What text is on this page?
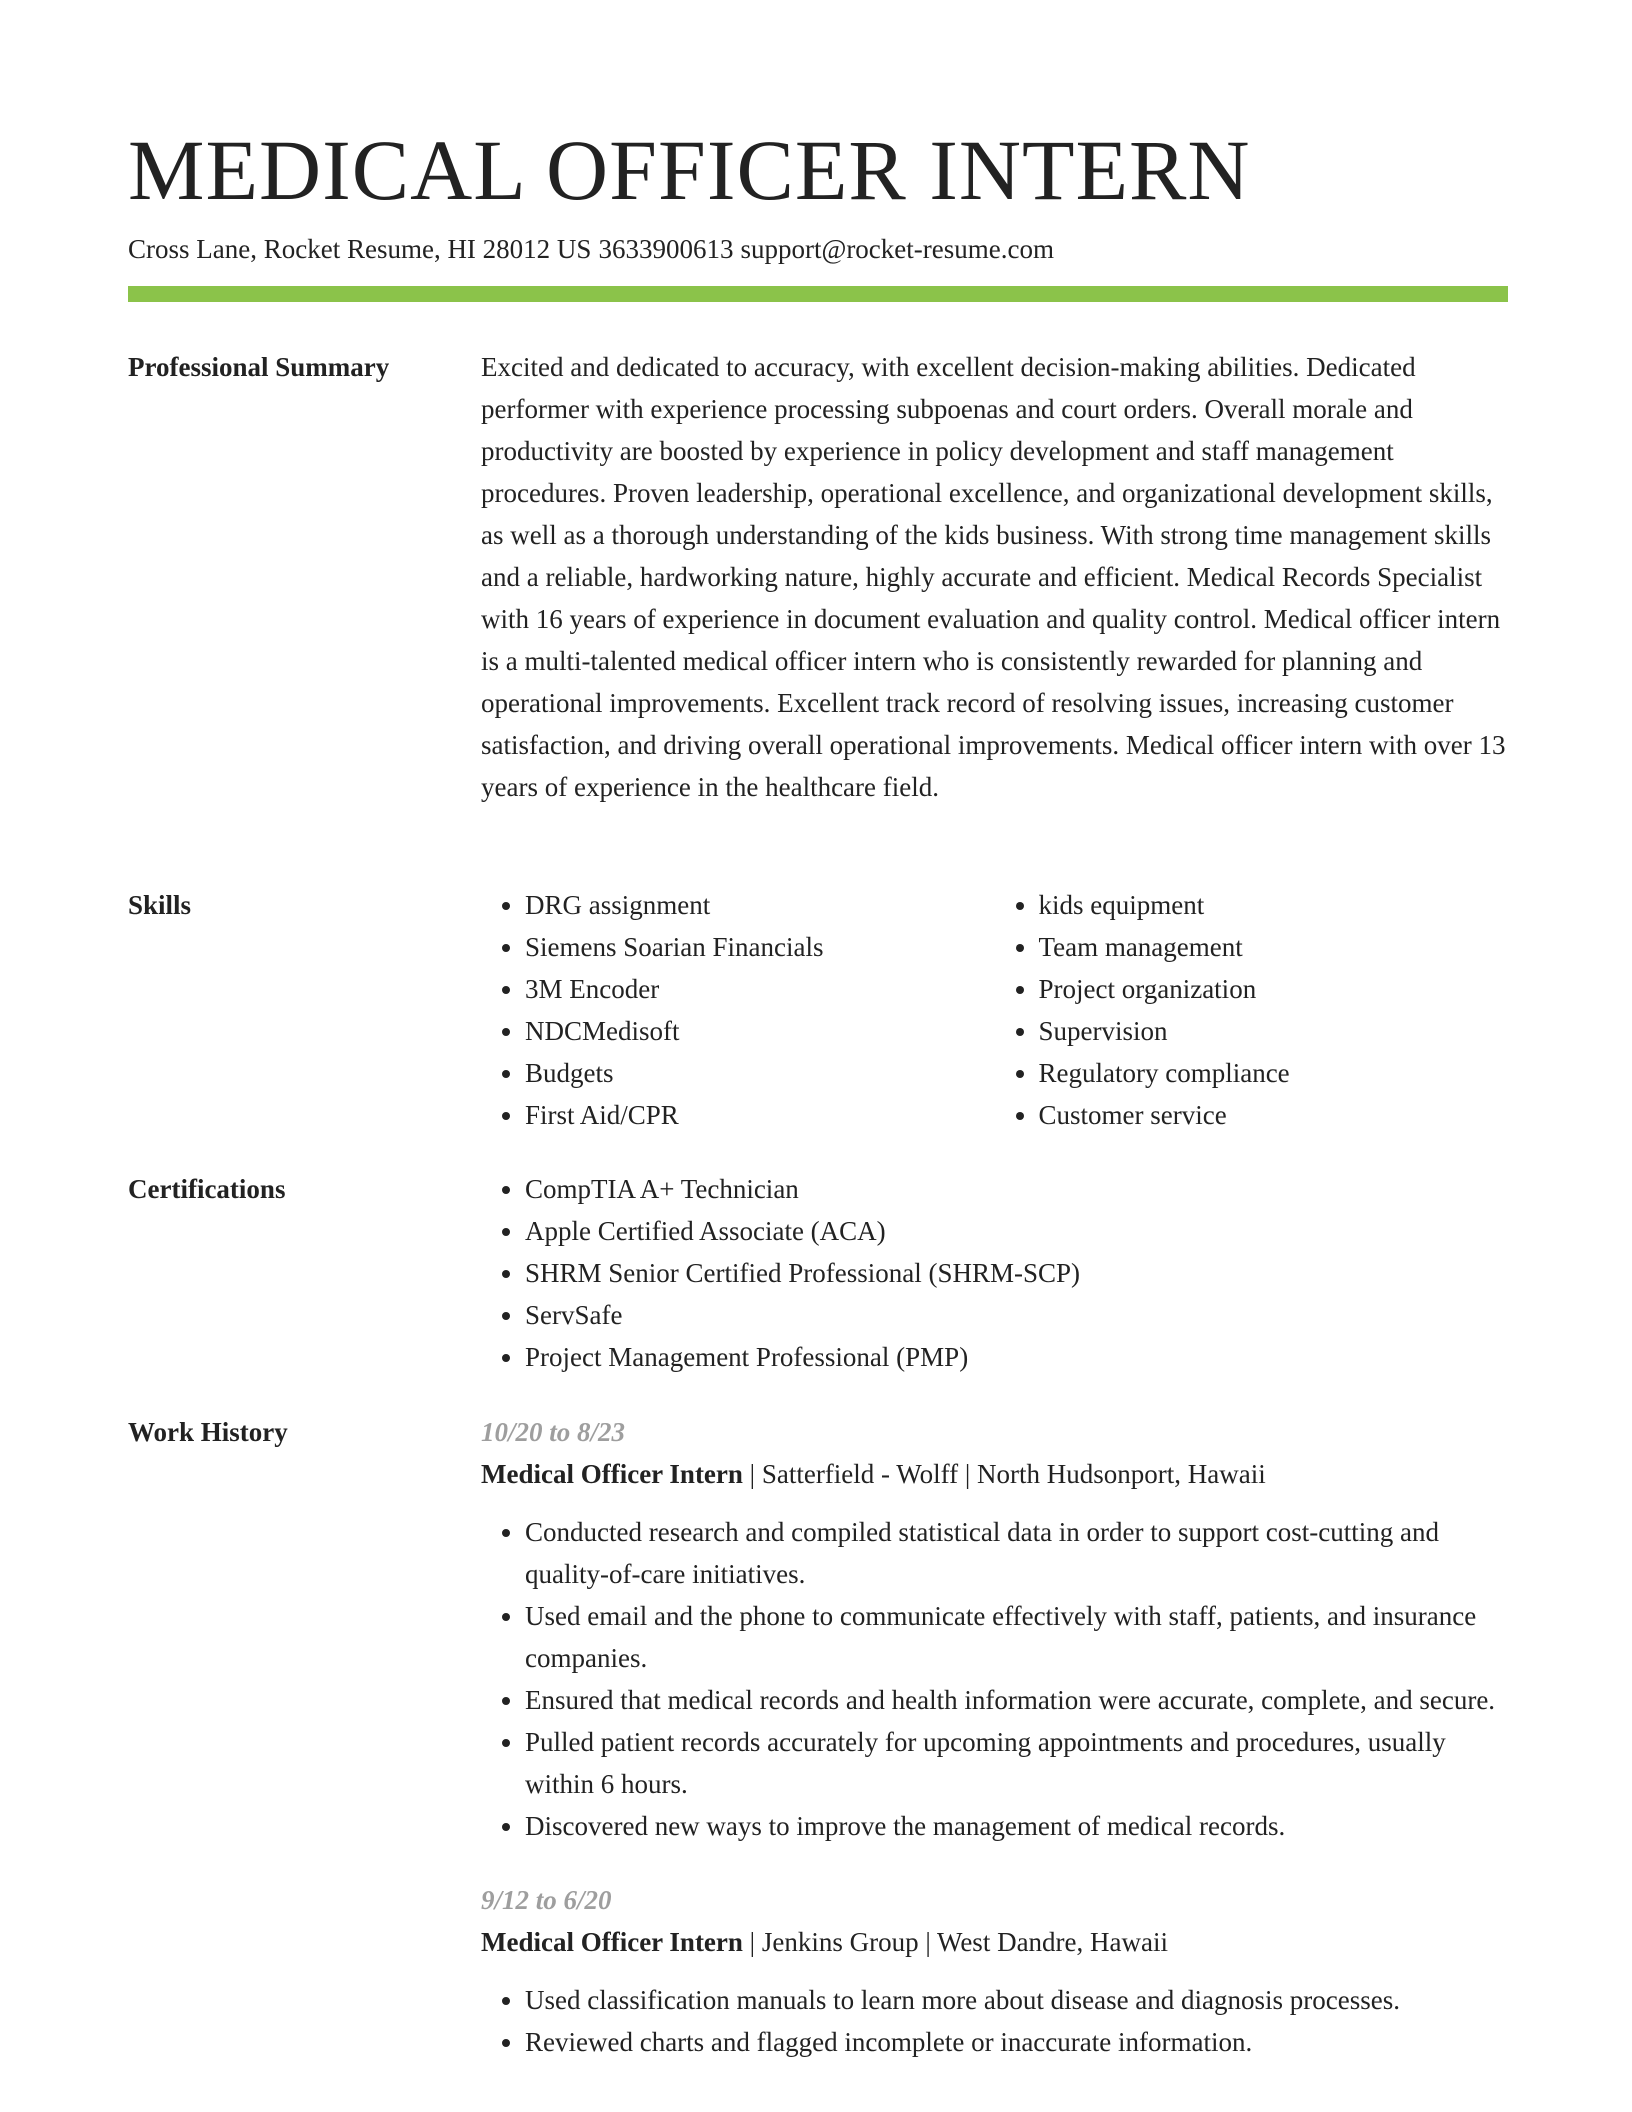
MEDICAL OFFICER INTERN
Cross Lane, Rocket Resume, HI 28012 US 3633900613 support@rocket-resume.com
Professional Summary	Excited and dedicated to accuracy, with excellent decision-making abilities. Dedicated performer with experience processing subpoenas and court orders. Overall morale and productivity are boosted by experience in policy development and staff management procedures. Proven leadership, operational excellence, and organizational development skills, as well as a thorough understanding of the kids business. With strong time management skills and a reliable, hardworking nature, highly accurate and efficient. Medical Records Specialist with 16 years of experience in document evaluation and quality control. Medical officer intern is a multi-talented medical officer intern who is consistently rewarded for planning and operational improvements. Excellent track record of resolving issues, increasing customer satisfaction, and driving overall operational improvements. Medical officer intern with over 13 years of experience in the healthcare field.

Skills	• DRG assignment
• Siemens Soarian Financials
• 3M Encoder
• NDCMedisoft
• Budgets
• First Aid/CPR
• kids equipment
• Team management
• Project organization
• Supervision
• Regulatory compliance
• Customer service
Certifications	• CompTIA A+ Technician
• Apple Certified Associate (ACA)
• SHRM Senior Certified Professional (SHRM-SCP)
• ServSafe
• Project Management Professional (PMP)
Work History	10/20 to 8/23
Medical Officer Intern | Satterfield - Wolff | North Hudsonport, Hawaii
• Conducted research and compiled statistical data in order to support cost-cutting and quality-of-care initiatives.
• Used email and the phone to communicate effectively with staff, patients, and insurance companies.
• Ensured that medical records and health information were accurate, complete, and secure.
• Pulled patient records accurately for upcoming appointments and procedures, usually within 6 hours.
• Discovered new ways to improve the management of medical records.
9/12 to 6/20
Medical Officer Intern | Jenkins Group | West Dandre, Hawaii
• Used classification manuals to learn more about disease and diagnosis processes.
• Reviewed charts and flagged incomplete or inaccurate information.
